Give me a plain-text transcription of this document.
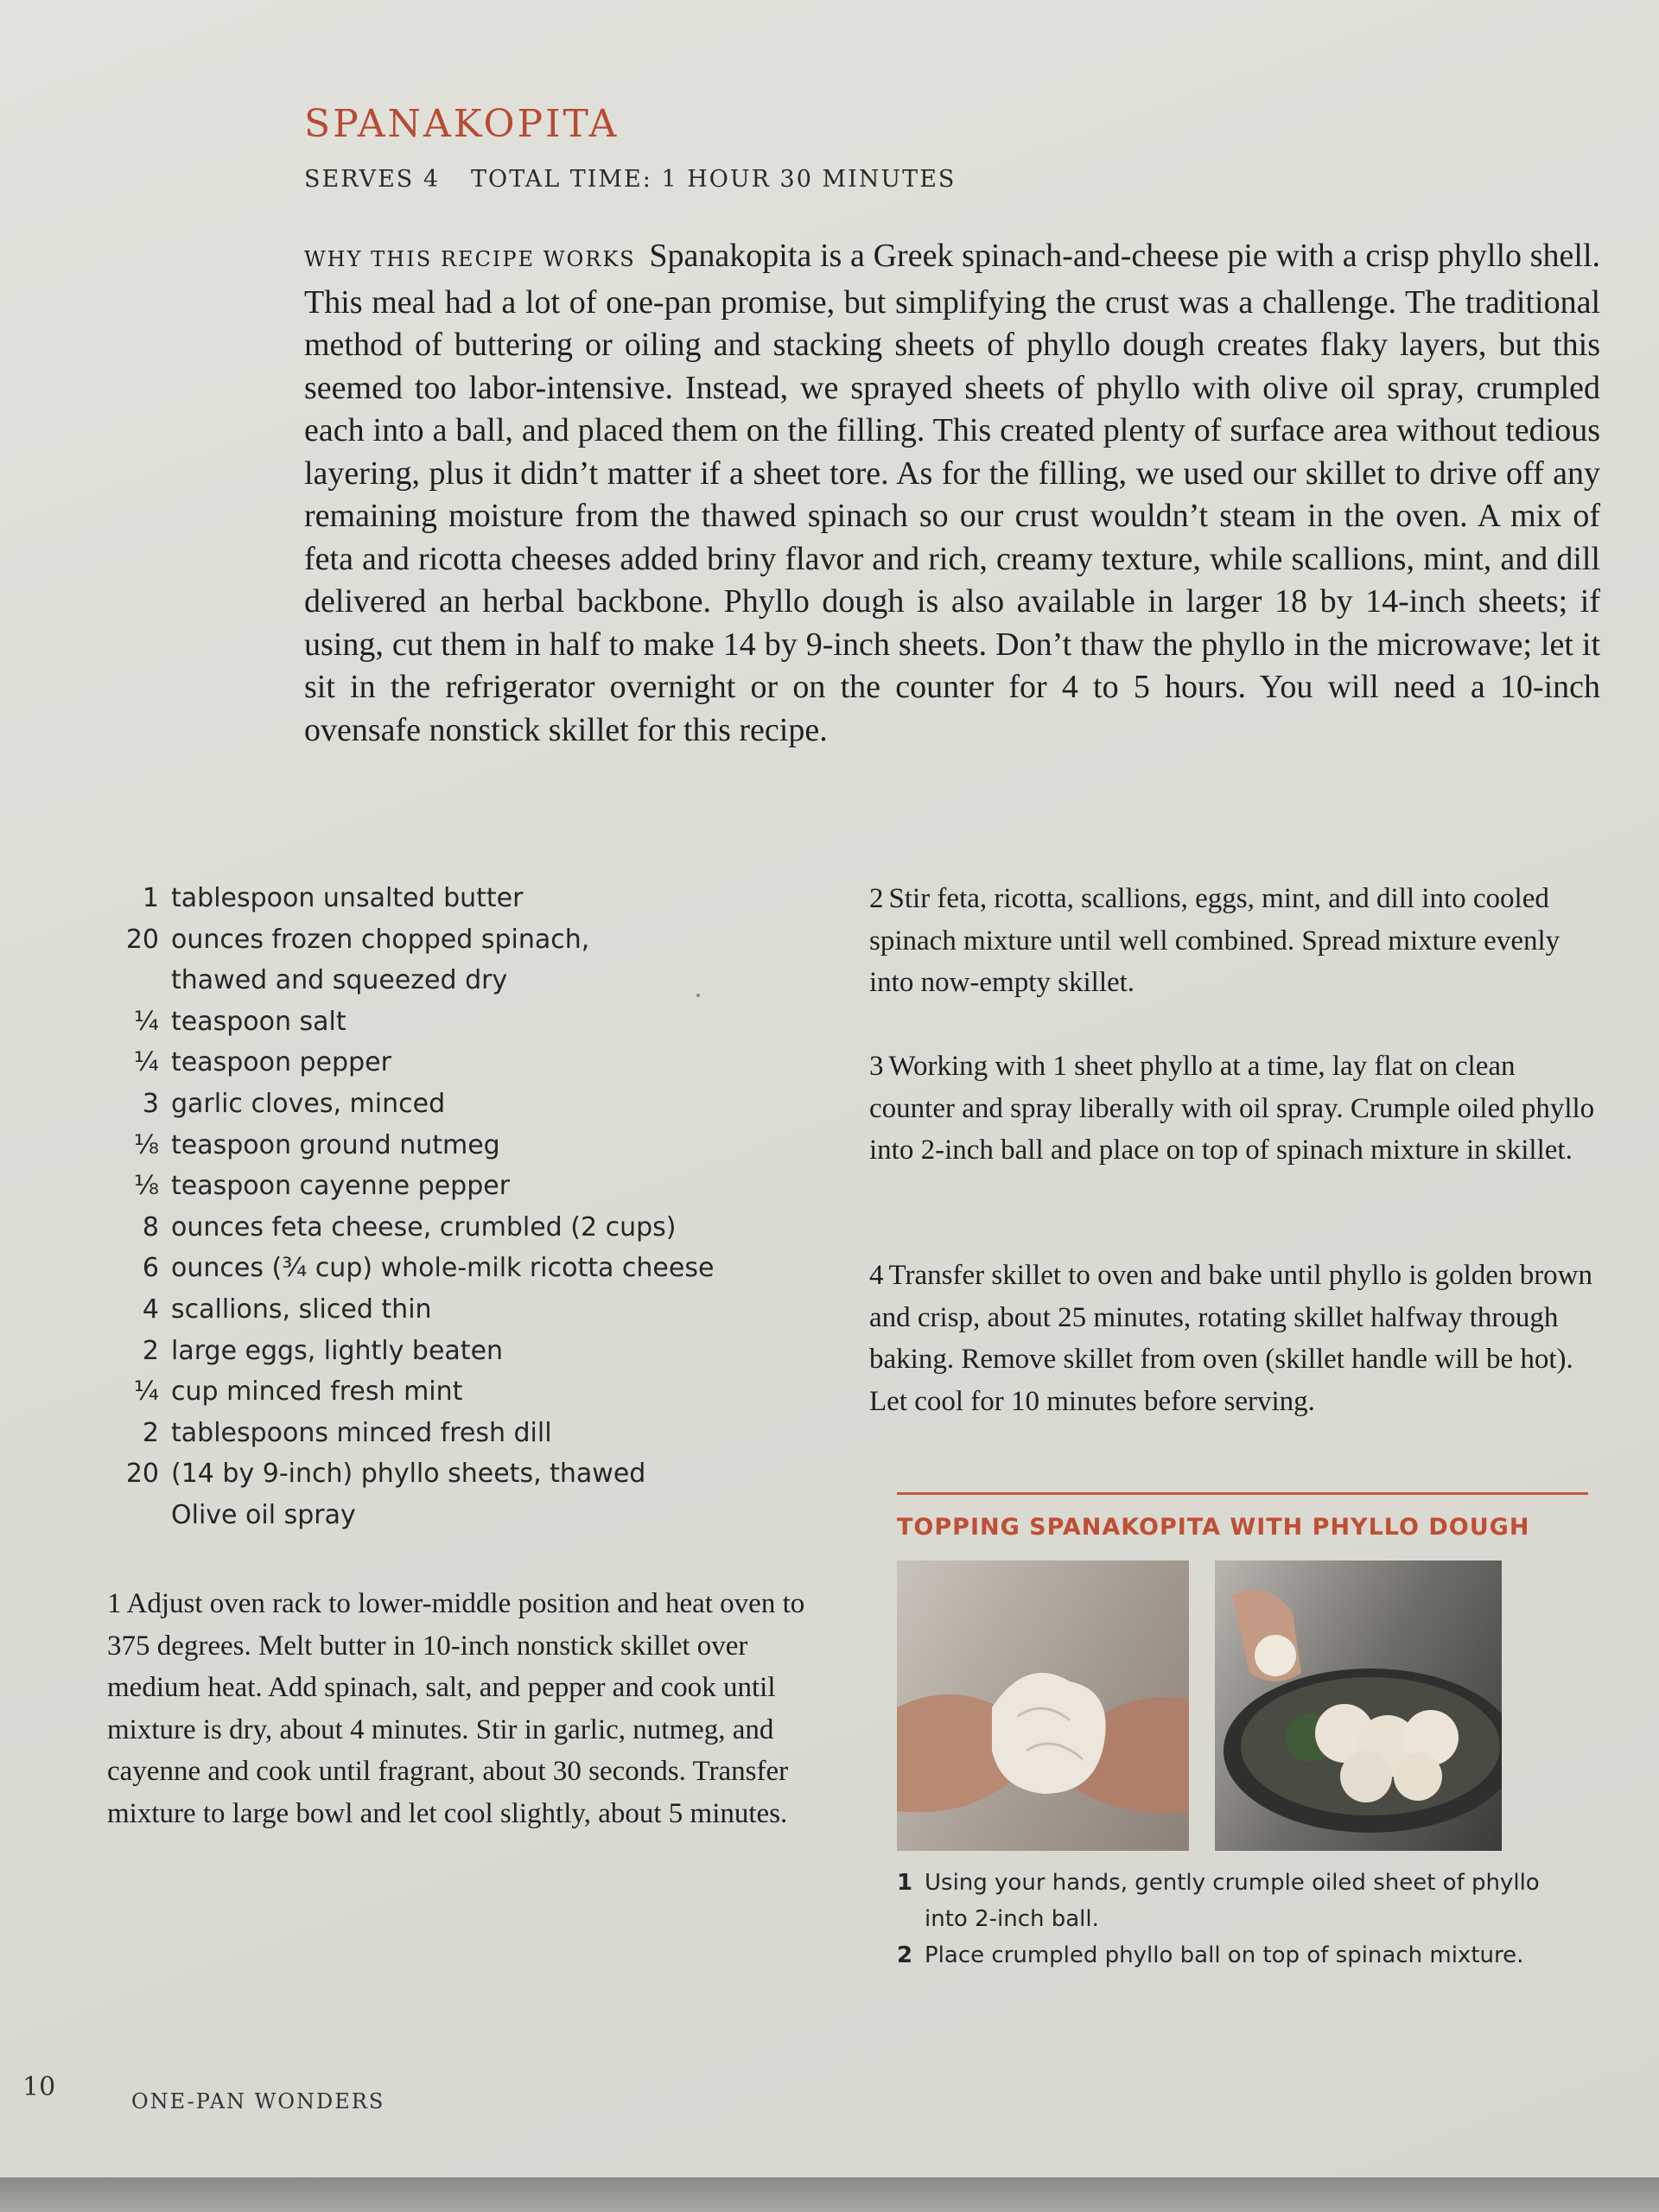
SPANAKOPITA
SERVES 4 TOTAL TIME: 1 HOUR 30 MINUTES

WHY THIS RECIPE WORKS Spanakopita is a Greek spinach-and-cheese pie with a crisp phyllo shell. This meal had a lot of one-pan promise, but simplifying the crust was a challenge. The traditional method of buttering or oiling and stacking sheets of phyllo dough creates flaky layers, but this seemed too labor-intensive. Instead, we sprayed sheets of phyllo with olive oil spray, crumpled each into a ball, and placed them on the filling. This created plenty of surface area without tedious layering, plus it didn’t matter if a sheet tore. As for the filling, we used our skillet to drive off any remaining moisture from the thawed spinach so our crust wouldn’t steam in the oven. A mix of feta and ricotta cheeses added briny flavor and rich, creamy texture, while scallions, mint, and dill delivered an herbal backbone. Phyllo dough is also available in larger 18 by 14-inch sheets; if using, cut them in half to make 14 by 9-inch sheets. Don’t thaw the phyllo in the microwave; let it sit in the refrigerator overnight or on the counter for 4 to 5 hours. You will need a 10-inch ovensafe nonstick skillet for this recipe.

1 tablespoon unsalted butter
20 ounces frozen chopped spinach,
thawed and squeezed dry
¼ teaspoon salt
¼ teaspoon pepper
3 garlic cloves, minced
⅛ teaspoon ground nutmeg
⅛ teaspoon cayenne pepper
8 ounces feta cheese, crumbled (2 cups)
6 ounces (¾ cup) whole-milk ricotta cheese
4 scallions, sliced thin
2 large eggs, lightly beaten
¼ cup minced fresh mint
2 tablespoons minced fresh dill
20 (14 by 9-inch) phyllo sheets, thawed
Olive oil spray

1 Adjust oven rack to lower-middle position and heat oven to 375 degrees. Melt butter in 10-inch nonstick skillet over medium heat. Add spinach, salt, and pepper and cook until mixture is dry, about 4 minutes. Stir in garlic, nutmeg, and cayenne and cook until fragrant, about 30 seconds. Transfer mixture to large bowl and let cool slightly, about 5 minutes.

2 Stir feta, ricotta, scallions, eggs, mint, and dill into cooled spinach mixture until well combined. Spread mixture evenly into now-empty skillet.

3 Working with 1 sheet phyllo at a time, lay flat on clean counter and spray liberally with oil spray. Crumple oiled phyllo into 2-inch ball and place on top of spinach mixture in skillet.

4 Transfer skillet to oven and bake until phyllo is golden brown and crisp, about 25 minutes, rotating skillet halfway through baking. Remove skillet from oven (skillet handle will be hot). Let cool for 10 minutes before serving.

TOPPING SPANAKOPITA WITH PHYLLO DOUGH
1 Using your hands, gently crumple oiled sheet of phyllo into 2-inch ball.
2 Place crumpled phyllo ball on top of spinach mixture.
10	ONE-PAN WONDERS
